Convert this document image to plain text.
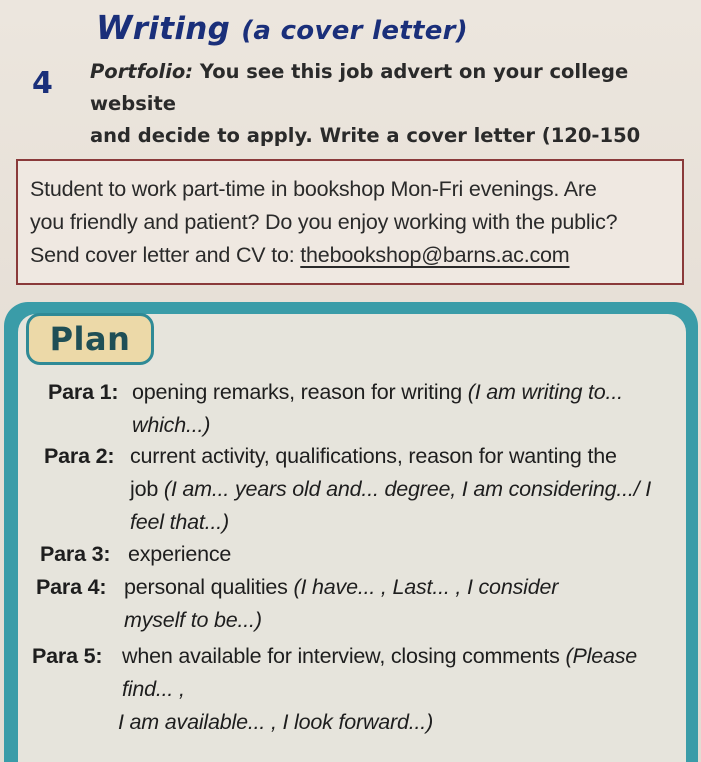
Writing (a cover letter)
4 Portfolio: You see this job advert on your college website
and decide to apply. Write a cover letter (120-150

Student to work part-time in bookshop Mon-Fri evenings. Are

you friendly and patient? Do you enjoy working with the public?

Send cover letter and CV to: thebookshop@barns.ac.com

Plan
Para 1: opening remarks, reason for writing (I am writing to...
which...)
Para 2: current activity, qualifications, reason for wanting the
job (I am... years old and... degree, I am considering.../ I
feel that...)
Para 3: experience
Para 4: personal qualities (I have... , Last... , I consider
myself to be...)
Para 5: when available for interview, closing comments (Please
find... ,
I am available... , I look forward...)
